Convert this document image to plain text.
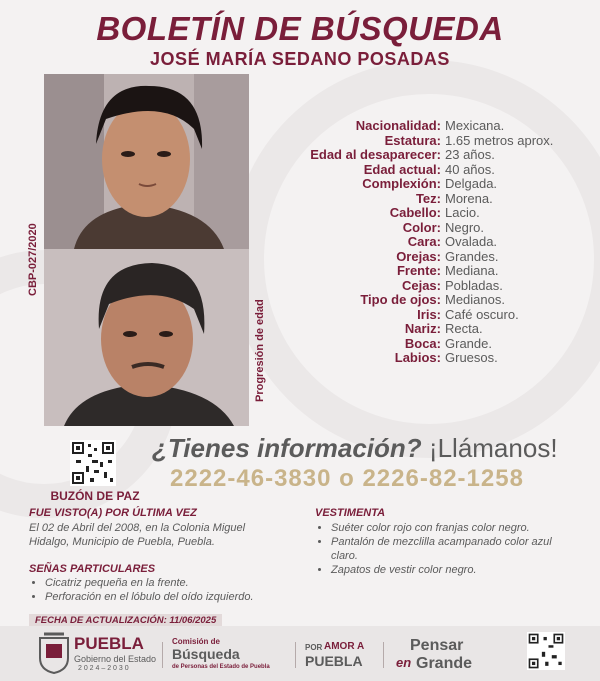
BOLETÍN DE BÚSQUEDA
JOSÉ MARÍA SEDANO POSADAS
CBP-027/2020
Progresión de edad
Nacionalidad: Mexicana.
Estatura: 1.65 metros aprox.
Edad al desaparecer: 23 años.
Edad actual: 40 años.
Complexión: Delgada.
Tez: Morena.
Cabello: Lacio.
Color: Negro.
Cara: Ovalada.
Orejas: Grandes.
Frente: Mediana.
Cejas: Pobladas.
Tipo de ojos: Medianos.
Iris: Café oscuro.
Nariz: Recta.
Boca: Grande.
Labios: Gruesos.
BUZÓN DE PAZ
¿Tienes información? ¡Llámanos!
2222-46-3830 o 2226-82-1258
FUE VISTO(A) POR ÚLTIMA VEZ
El 02 de Abril del 2008, en la Colonia Miguel Hidalgo, Municipio de Puebla, Puebla.
SEÑAS PARTICULARES
• Cicatriz pequeña en la frente.
• Perforación en el lóbulo del oído izquierdo.
VESTIMENTA
• Suéter color rojo con franjas color negro.
• Pantalón de mezclilla acampanado color azul claro.
• Zapatos de vestir color negro.
FECHA DE ACTUALIZACIÓN: 11/06/2025
PUEBLA
Gobierno del Estado
2 0 2 4 – 2 0 3 0
Comisión de
Búsqueda
de Personas del Estado de Puebla
POR AMOR A
PUEBLA
Pensar
en Grande
